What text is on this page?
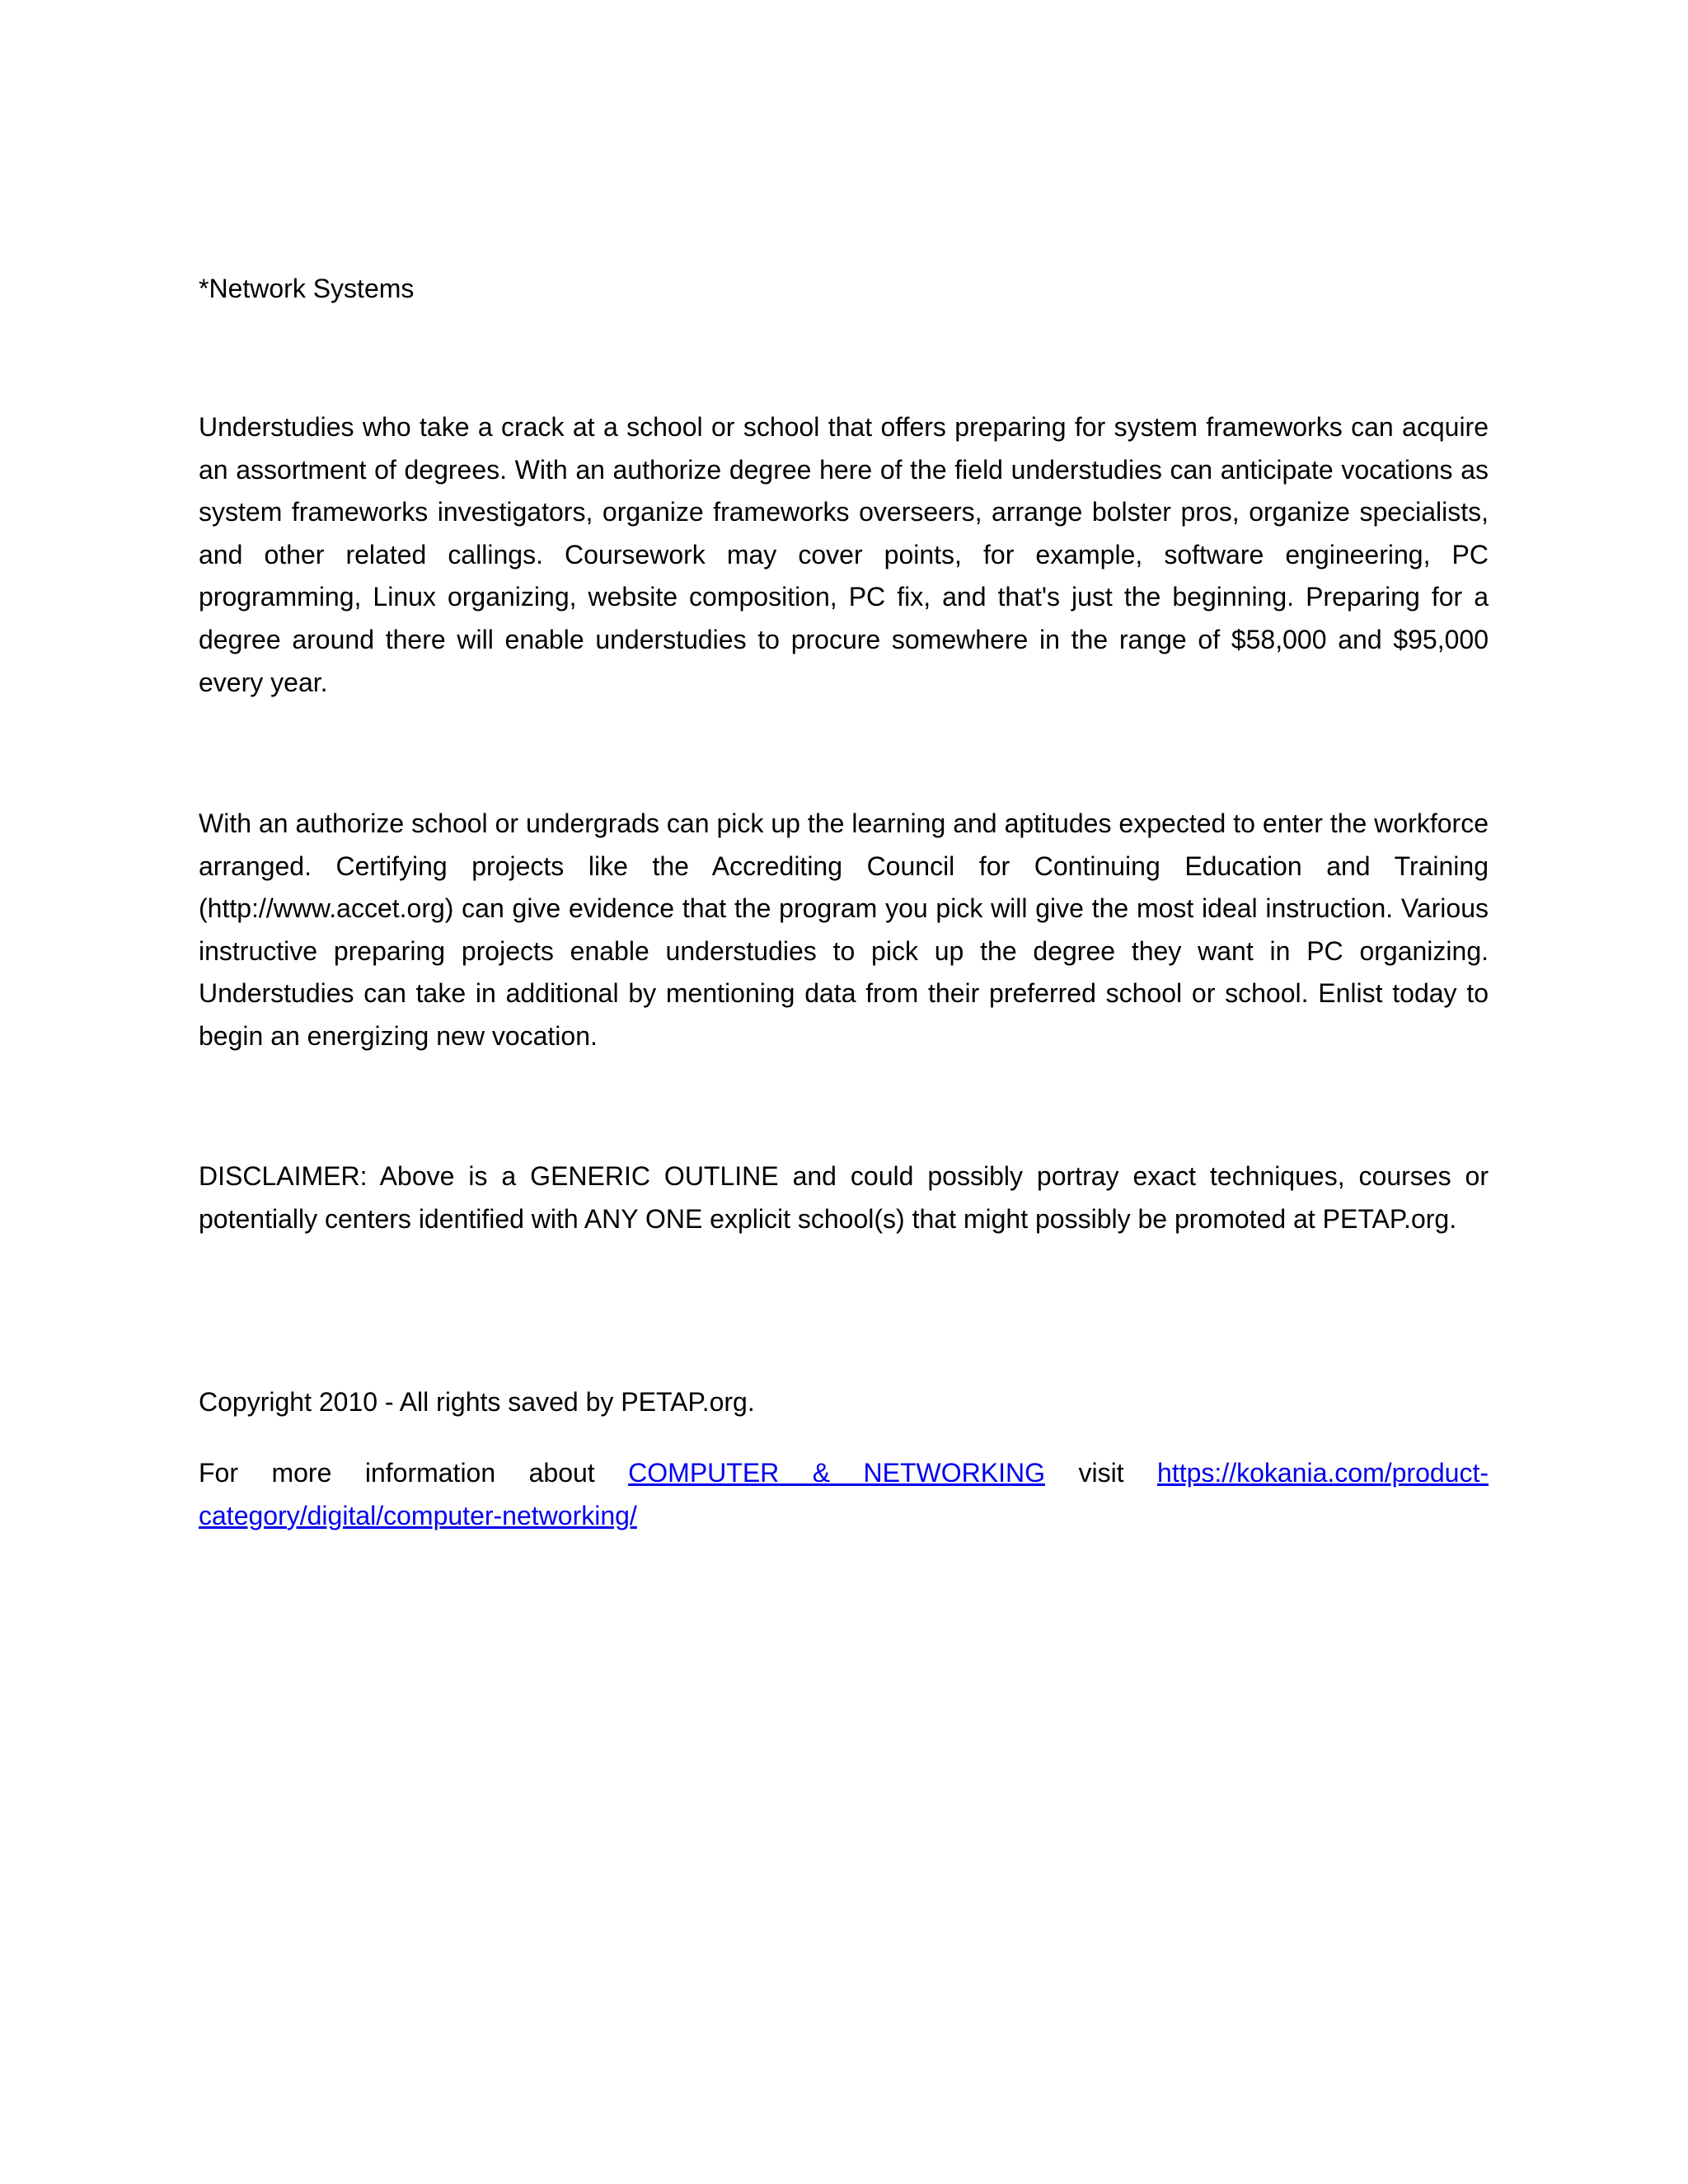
*Network Systems

Understudies who take a crack at a school or school that offers preparing for system frameworks can acquire an assortment of degrees. With an authorize degree here of the field understudies can anticipate vocations as system frameworks investigators, organize frameworks overseers, arrange bolster pros, organize specialists, and other related callings. Coursework may cover points, for example, software engineering, PC programming, Linux organizing, website composition, PC fix, and that's just the beginning. Preparing for a degree around there will enable understudies to procure somewhere in the range of $58,000 and $95,000 every year.

With an authorize school or undergrads can pick up the learning and aptitudes expected to enter the workforce arranged. Certifying projects like the Accrediting Council for Continuing Education and Training (http://www.accet.org) can give evidence that the program you pick will give the most ideal instruction. Various instructive preparing projects enable understudies to pick up the degree they want in PC organizing. Understudies can take in additional by mentioning data from their preferred school or school. Enlist today to begin an energizing new vocation.

DISCLAIMER: Above is a GENERIC OUTLINE and could possibly portray exact techniques, courses or potentially centers identified with ANY ONE explicit school(s) that might possibly be promoted at PETAP.org.

Copyright 2010 - All rights saved by PETAP.org.

For more information about COMPUTER & NETWORKING visit https://kokania.com/product-category/digital/computer-networking/
